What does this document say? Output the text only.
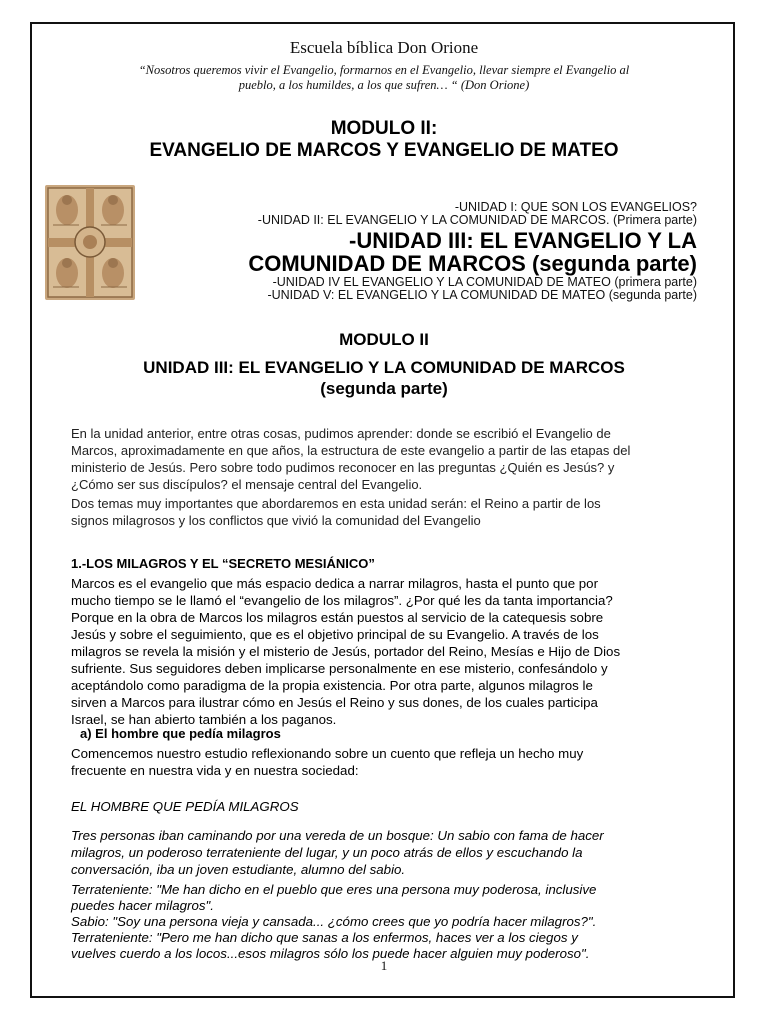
Escuela bíblica Don Orione
“Nosotros queremos vivir el Evangelio, formarnos en el Evangelio, llevar siempre el Evangelio al
pueblo, a los humildes, a los que sufren… “ (Don Orione)
MODULO II:
EVANGELIO DE MARCOS Y EVANGELIO DE MATEO
-UNIDAD I: QUE SON LOS EVANGELIOS?
-UNIDAD II: EL EVANGELIO Y LA COMUNIDAD DE MARCOS. (Primera parte)
-UNIDAD III: EL EVANGELIO Y LA
COMUNIDAD DE MARCOS (segunda parte)
-UNIDAD IV EL EVANGELIO Y LA COMUNIDAD DE MATEO (primera parte)
-UNIDAD V: EL EVANGELIO Y LA COMUNIDAD DE MATEO (segunda parte)
MODULO II
UNIDAD III: EL EVANGELIO Y LA COMUNIDAD DE MARCOS
(segunda parte)
En la unidad anterior, entre otras cosas, pudimos aprender: donde se escribió el Evangelio de
Marcos, aproximadamente en que años, la estructura de este evangelio a partir de las etapas del
ministerio de Jesús. Pero sobre todo pudimos reconocer en las preguntas ¿Quién es Jesús? y
¿Cómo ser sus discípulos? el mensaje central del Evangelio.
Dos temas muy importantes que abordaremos en esta unidad serán: el Reino a partir de los
signos milagrosos y los conflictos que vivió la comunidad del Evangelio
1.-LOS MILAGROS Y EL “SECRETO MESIÁNICO”
Marcos es el evangelio que más espacio dedica a narrar milagros, hasta el punto que por
mucho tiempo se le llamó el “evangelio de los milagros”. ¿Por qué les da tanta importancia?
Porque en la obra de Marcos los milagros están puestos al servicio de la catequesis sobre
Jesús y sobre el seguimiento, que es el objetivo principal de su Evangelio. A través de los
milagros se revela la misión y el misterio de Jesús, portador del Reino, Mesías e Hijo de Dios
sufriente. Sus seguidores deben implicarse personalmente en ese misterio, confesándolo y
aceptándolo como paradigma de la propia existencia. Por otra parte, algunos milagros le
sirven a Marcos para ilustrar cómo en Jesús el Reino y sus dones, de los cuales participa
Israel, se han abierto también a los paganos.
a) El hombre que pedía milagros
Comencemos nuestro estudio reflexionando sobre un cuento que refleja un hecho muy
frecuente en nuestra vida y en nuestra sociedad:
EL HOMBRE QUE PEDÍA MILAGROS
Tres personas iban caminando por una vereda de un bosque: Un sabio con fama de hacer
milagros, un poderoso terrateniente del lugar, y un poco atrás de ellos y escuchando la
conversación, iba un joven estudiante, alumno del sabio.
Terrateniente: "Me han dicho en el pueblo que eres una persona muy poderosa, inclusive
puedes hacer milagros".
Sabio: "Soy una persona vieja y cansada... ¿cómo crees que yo podría hacer milagros?".
Terrateniente: "Pero me han dicho que sanas a los enfermos, haces ver a los ciegos y
vuelves cuerdo a los locos...esos milagros sólo los puede hacer alguien muy poderoso".
1
